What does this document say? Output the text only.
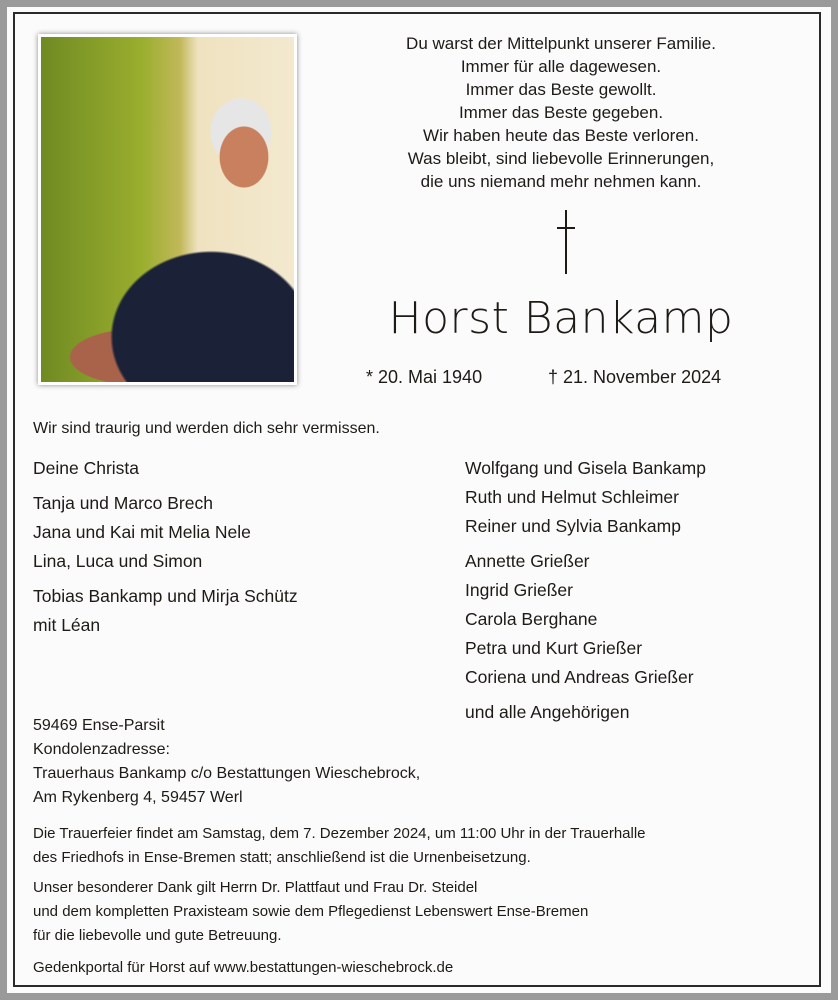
Du warst der Mittelpunkt unserer Familie.
Immer für alle dagewesen.
Immer das Beste gewollt.
Immer das Beste gegeben.
Wir haben heute das Beste verloren.
Was bleibt, sind liebevolle Erinnerungen,
die uns niemand mehr nehmen kann.
Horst Bankamp
* 20. Mai 1940	† 21. November 2024
Wir sind traurig und werden dich sehr vermissen.
Deine Christa
Tanja und Marco Brech
Jana und Kai mit Melia Nele
Lina, Luca und Simon
Tobias Bankamp und Mirja Schütz
mit Léan
Wolfgang und Gisela Bankamp
Ruth und Helmut Schleimer
Reiner und Sylvia Bankamp
Annette Grießer
Ingrid Grießer
Carola Berghane
Petra und Kurt Grießer
Coriena und Andreas Grießer
und alle Angehörigen
59469 Ense-Parsit
Kondolenzadresse:
Trauerhaus Bankamp c/o Bestattungen Wieschebrock,
Am Rykenberg 4, 59457 Werl
Die Trauerfeier findet am Samstag, dem 7. Dezember 2024, um 11:00 Uhr in der Trauerhalle
des Friedhofs in Ense-Bremen statt; anschließend ist die Urnenbeisetzung.
Unser besonderer Dank gilt Herrn Dr. Plattfaut und Frau Dr. Steidel
und dem kompletten Praxisteam sowie dem Pflegedienst Lebenswert Ense-Bremen
für die liebevolle und gute Betreuung.
Gedenkportal für Horst auf www.bestattungen-wieschebrock.de
